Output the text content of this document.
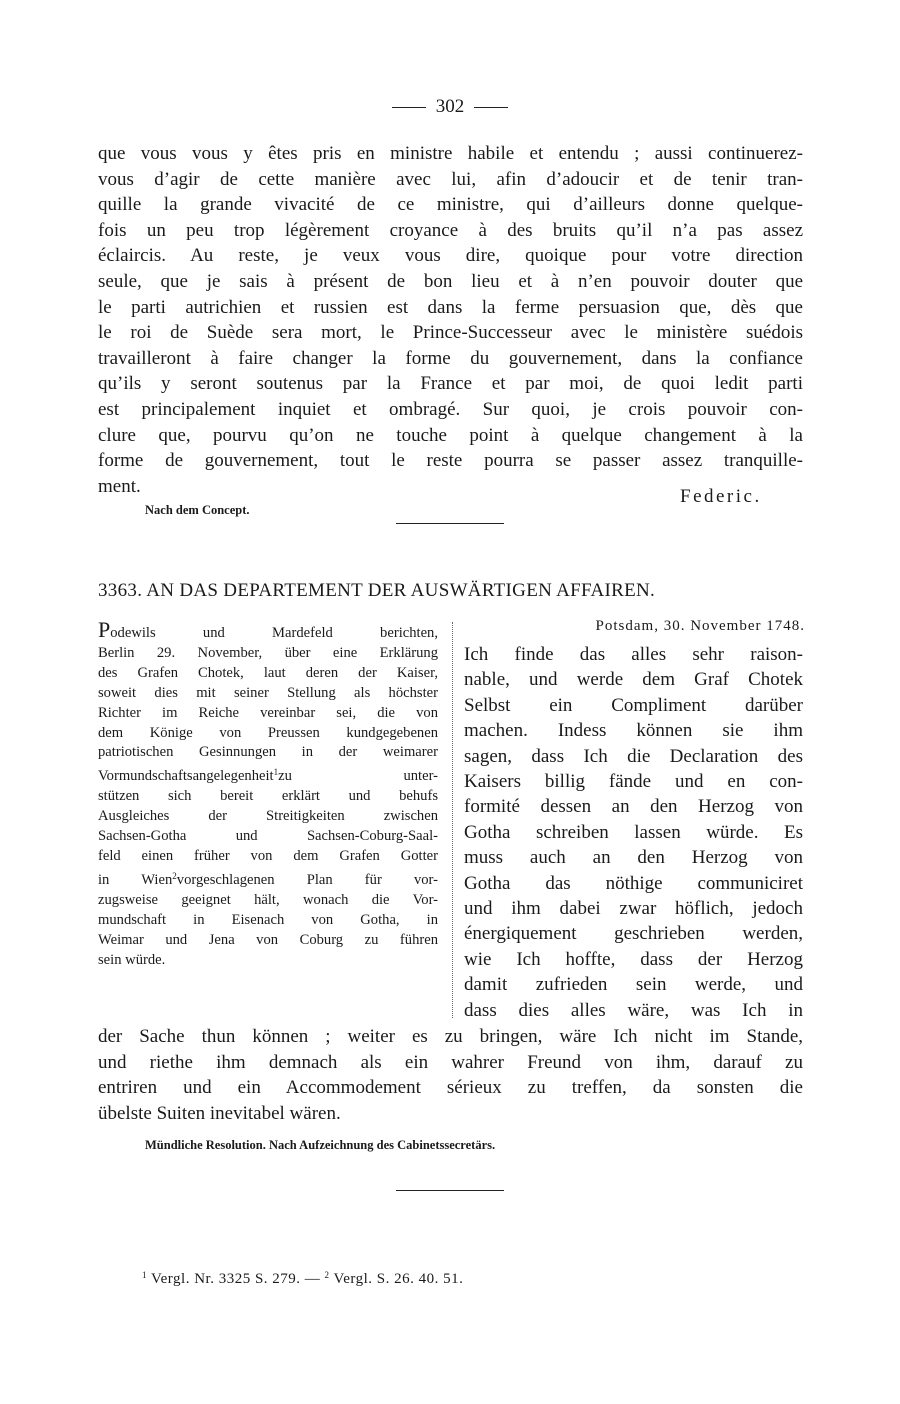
302
que vous vous y êtes pris en ministre habile et entendu ; aussi continuerez-
vous d’agir de cette manière avec lui, afin d’adoucir et de tenir tran-
quille la grande vivacité de ce ministre, qui d’ailleurs donne quelque-
fois un peu trop légèrement croyance à des bruits qu’il n’a pas assez
éclaircis. Au reste, je veux vous dire, quoique pour votre direction
seule, que je sais à présent de bon lieu et à n’en pouvoir douter que
le parti autrichien et russien est dans la ferme persuasion que, dès que
le roi de Suède sera mort, le Prince-Successeur avec le ministère suédois
travailleront à faire changer la forme du gouvernement, dans la confiance
qu’ils y seront soutenus par la France et par moi, de quoi ledit parti
est principalement inquiet et ombragé. Sur quoi, je crois pouvoir con-
clure que, pourvu qu’on ne touche point à quelque changement à la
forme de gouvernement, tout le reste pourra se passer assez tranquille-
ment.	Federic.
Nach dem Concept.
3363. AN DAS DEPARTEMENT DER AUSWÄRTIGEN AFFAIREN.
Podewils und Mardefeld berichten,
Berlin 29. November, über eine Erklärung
des Grafen Chotek, laut deren der Kaiser,
soweit dies mit seiner Stellung als höchster
Richter im Reiche vereinbar sei, die von
dem Könige von Preussen kundgegebenen
patriotischen Gesinnungen in der weimarer
Vormundschaftsangelegenheit$^1$zu unter-
stützen sich bereit erklärt und behufs
Ausgleiches der Streitigkeiten zwischen
Sachsen-Gotha und Sachsen-Coburg-Saal-
feld einen früher von dem Grafen Gotter
in Wien$^2$vorgeschlagenen Plan für vor-
zugsweise geeignet hält, wonach die Vor-
mundschaft in Eisenach von Gotha, in
Weimar und Jena von Coburg zu führen
sein würde.
Potsdam, 30. November 1748.
Ich finde das alles sehr raison-
nable, und werde dem Graf Chotek
Selbst ein Compliment darüber
machen. Indess können sie ihm
sagen, dass Ich die Declaration des
Kaisers billig fände und en con-
formité dessen an den Herzog von
Gotha schreiben lassen würde. Es
muss auch an den Herzog von
Gotha das nöthige communiciret
und ihm dabei zwar höflich, jedoch
énergiquement geschrieben werden,
wie Ich hoffte, dass der Herzog
damit zufrieden sein werde, und
dass dies alles wäre, was Ich in
der Sache thun können ; weiter es zu bringen, wäre Ich nicht im Stande,
und riethe ihm demnach als ein wahrer Freund von ihm, darauf zu
entriren und ein Accommodement sérieux zu treffen, da sonsten die
übelste Suiten inevitabel wären.
Mündliche Resolution. Nach Aufzeichnung des Cabinetssecretärs.
$^1$ Vergl. Nr. 3325 S. 279. — $^2$ Vergl. S. 26. 40. 51.
